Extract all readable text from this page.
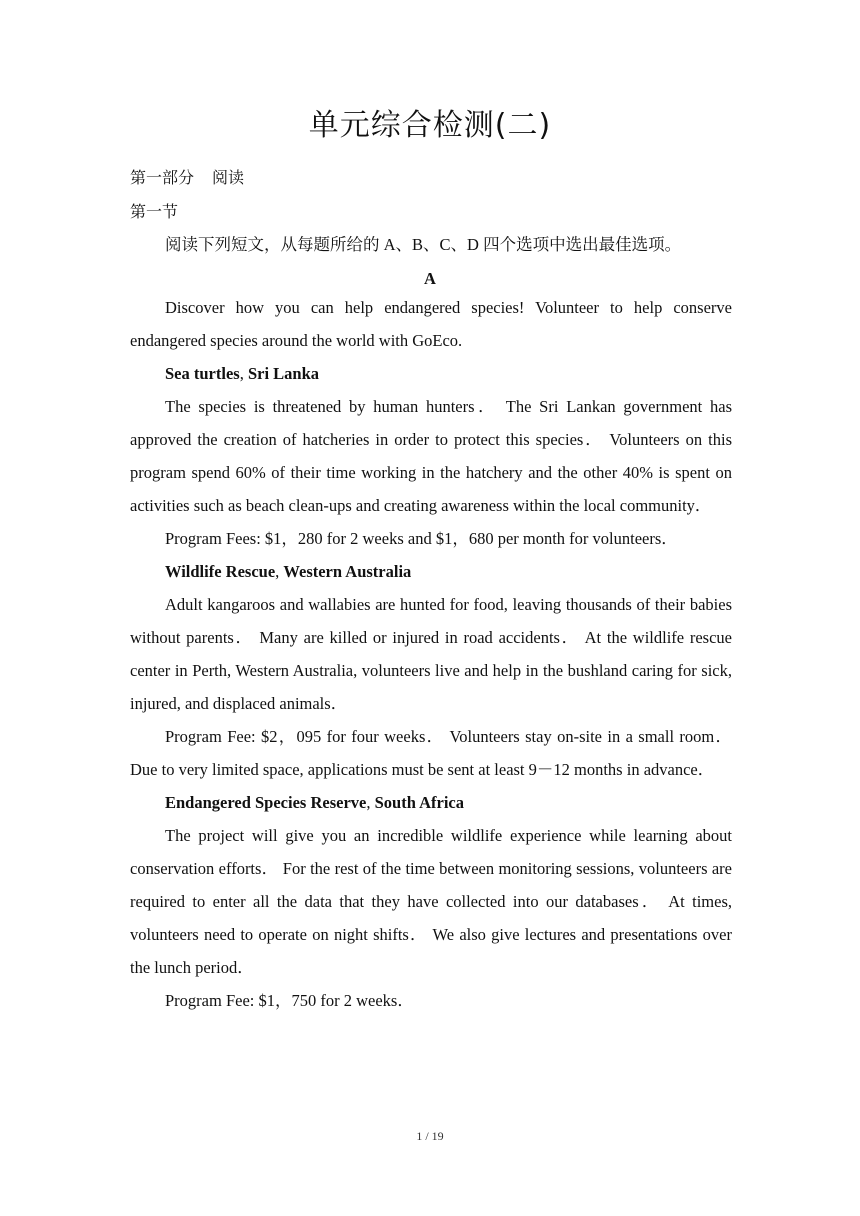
单元综合检测(二)
第一部分 阅读
第一节

阅读下列短文，从每题所给的 A、B、C、D 四个选项中选出最佳选项。

A

Discover how you can help endangered species! Volunteer to help conserve endangered species around the world with GoEco.

Sea turtles, Sri Lanka

The species is threatened by human hunters． The Sri Lankan government has approved the creation of hatcheries in order to protect this species． Volunteers on this program spend 60% of their time working in the hatchery and the other 40% is spent on activities such as beach clean-ups and creating awareness within the local community．

Program Fees: $1，280 for 2 weeks and $1，680 per month for volunteers．

Wildlife Rescue, Western Australia

Adult kangaroos and wallabies are hunted for food, leaving thousands of their babies without parents． Many are killed or injured in road accidents． At the wildlife rescue center in Perth, Western Australia, volunteers live and help in the bushland caring for sick, injured, and displaced animals．

Program Fee: $2，095 for four weeks． Volunteers stay on-site in a small room． Due to very limited space, applications must be sent at least 9－12 months in advance．

Endangered Species Reserve, South Africa

The project will give you an incredible wildlife experience while learning about conservation efforts． For the rest of the time between monitoring sessions, volunteers are required to enter all the data that they have collected into our databases． At times, volunteers need to operate on night shifts． We also give lectures and presentations over the lunch period．

Program Fee: $1，750 for 2 weeks．

1 / 19
